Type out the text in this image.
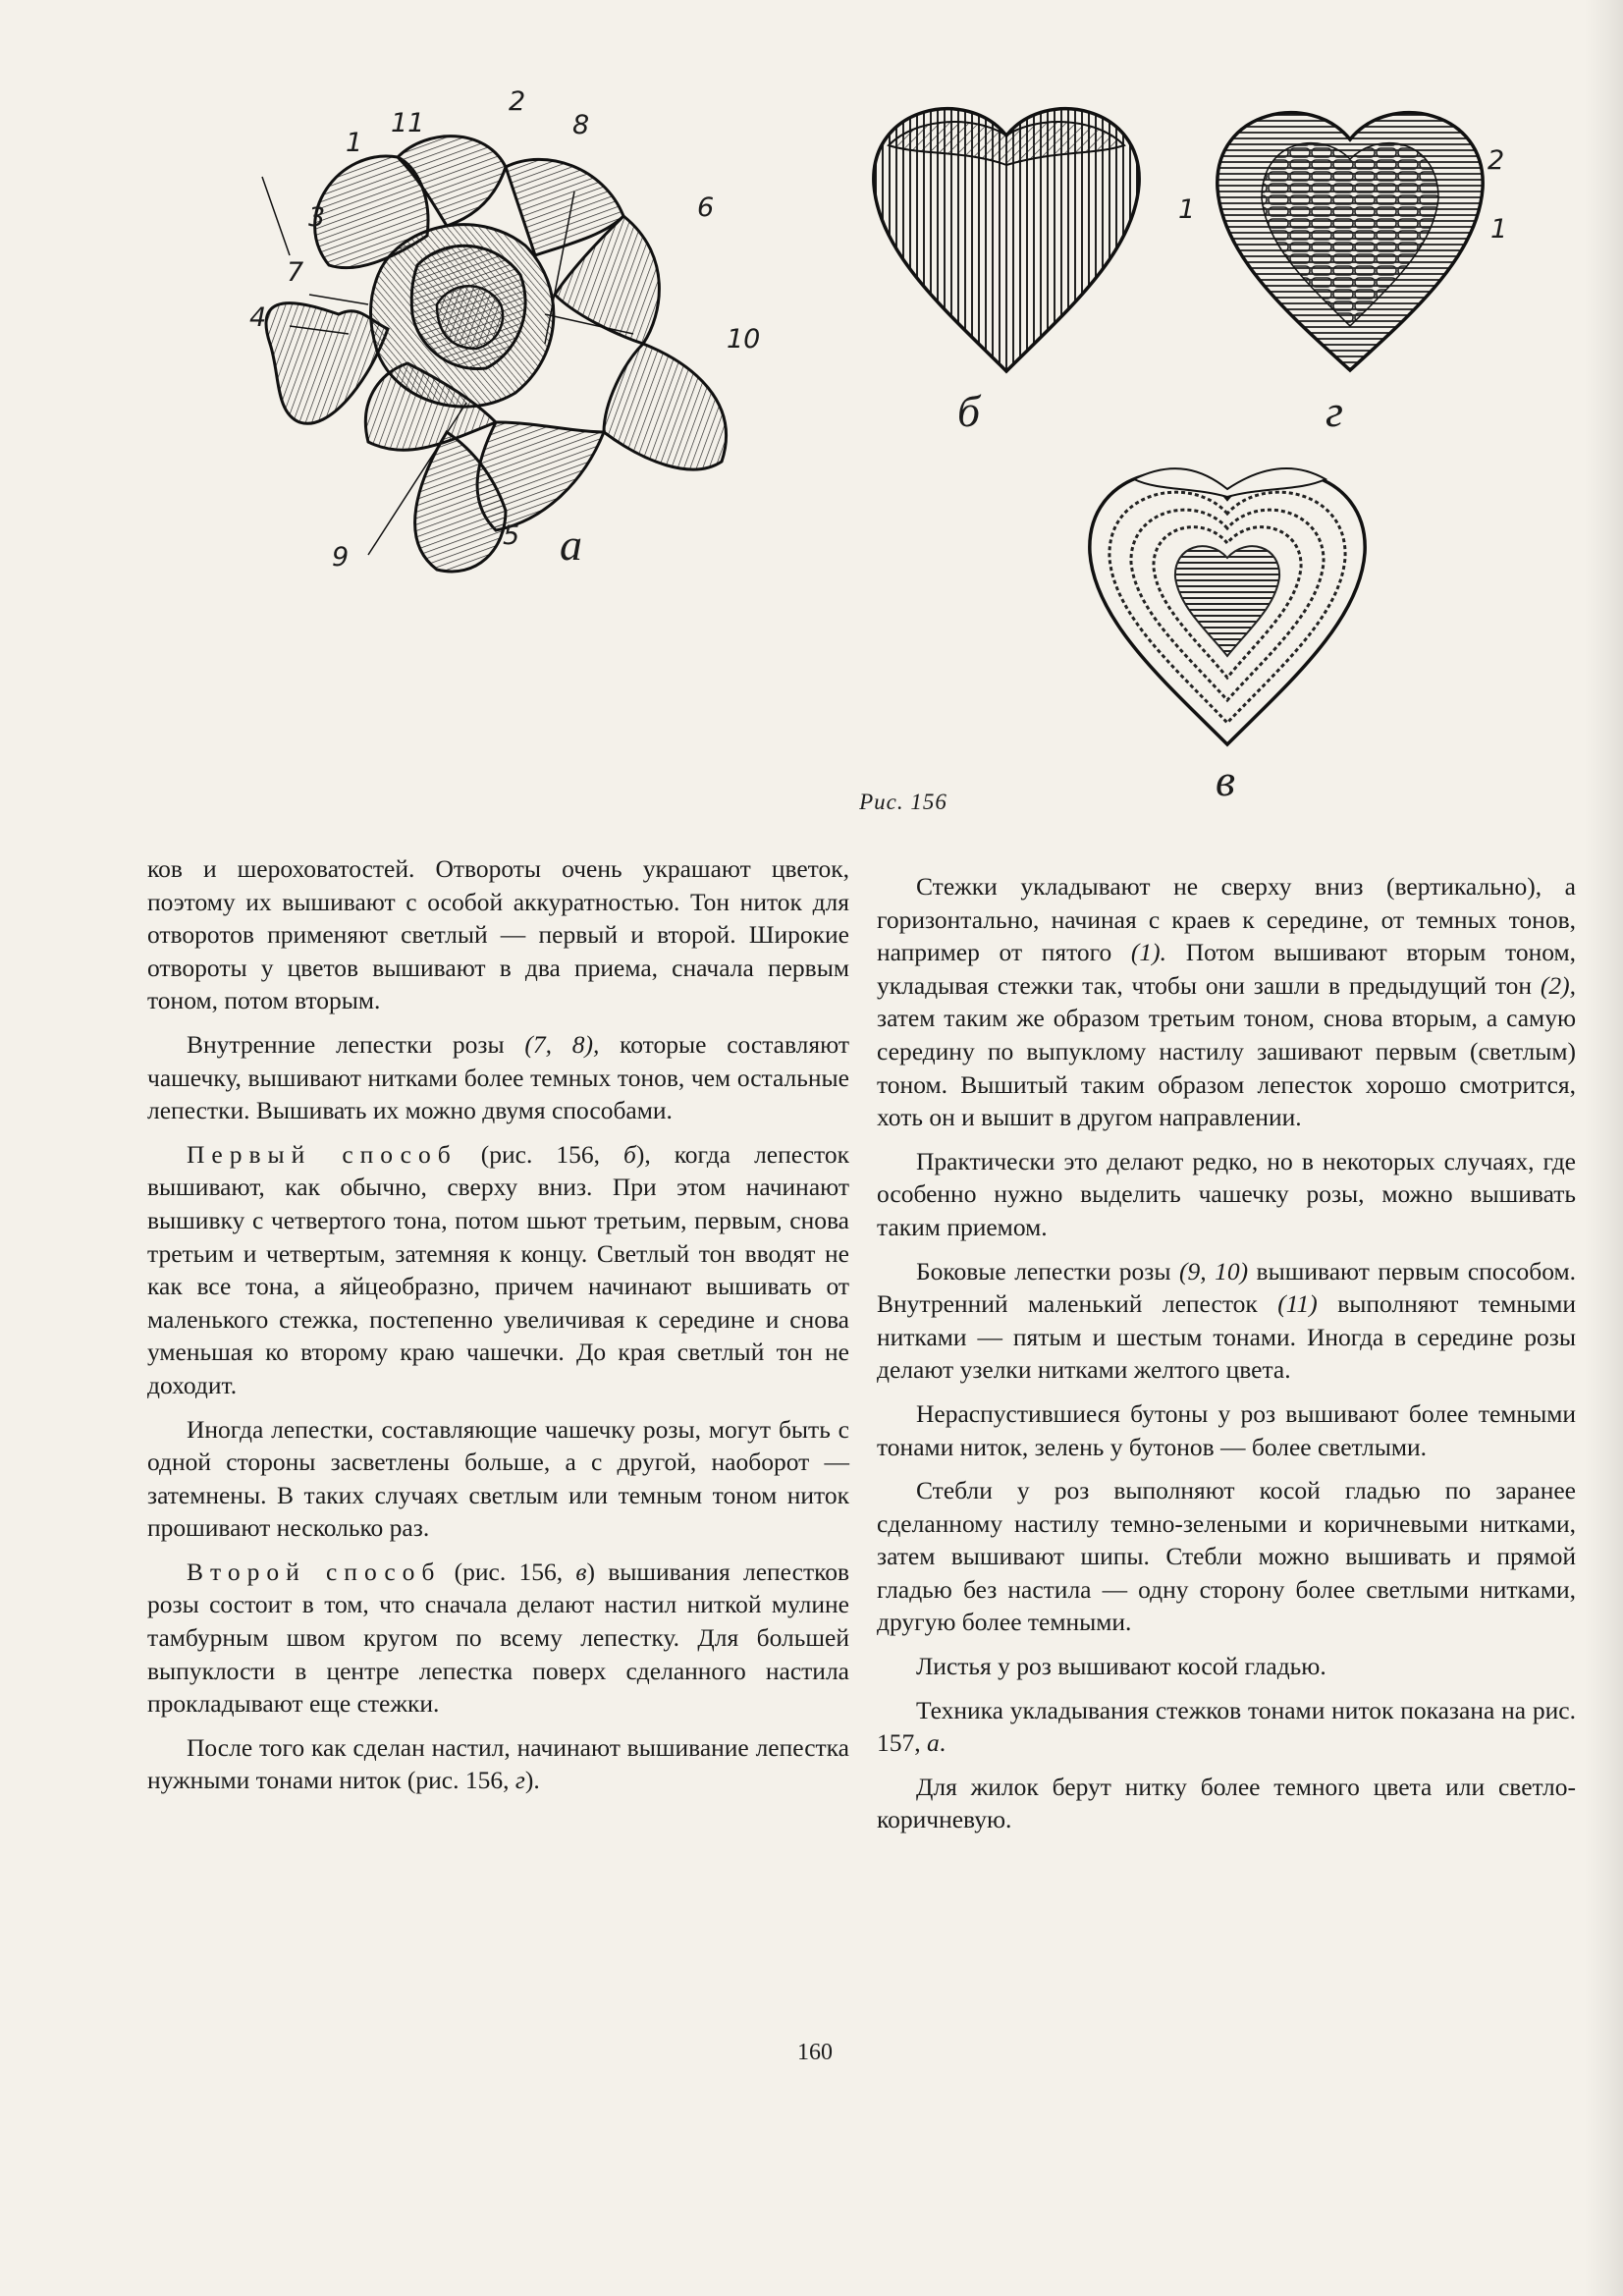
1
11
2
8
3	6
7
4
10
9
5 а
б
1
2
1
г
в
Рис. 156

ков и шероховатостей. Отвороты очень украшают цветок, поэтому их вышивают с особой аккуратностью. Тон ниток для отворотов применяют светлый — первый и второй. Широкие отвороты у цветов вышивают в два приема, сначала первым тоном, потом вторым.

Внутренние лепестки розы (7, 8), которые составляют чашечку, вышивают нитками более темных тонов, чем остальные лепестки. Вышивать их можно двумя способами.

Первый способ (рис. 156, б), когда лепесток вышивают, как обычно, сверху вниз. При этом начинают вышивку с четвертого тона, потом шьют третьим, первым, снова третьим и четвертым, затемняя к концу. Светлый тон вводят не как все тона, а яйцеобразно, причем начинают вышивать от маленького стежка, постепенно увеличивая к середине и снова уменьшая ко второму краю чашечки. До края светлый тон не доходит.

Иногда лепестки, составляющие чашечку розы, могут быть с одной стороны засветлены больше, а с другой, наоборот — затемнены. В таких случаях светлым или темным тоном ниток прошивают несколько раз.

Второй способ (рис. 156, в) вышивания лепестков розы состоит в том, что сначала делают настил ниткой мулине тамбурным швом кругом по всему лепестку. Для большей выпуклости в центре лепестка поверх сделанного настила прокладывают еще стежки.

После того как сделан настил, начинают вышивание лепестка нужными тонами ниток (рис. 156, г).

Стежки укладывают не сверху вниз (вертикально), а горизонтально, начиная с краев к середине, от темных тонов, например от пятого (1). Потом вышивают вторым тоном, укладывая стежки так, чтобы они зашли в предыдущий тон (2), затем таким же образом третьим тоном, снова вторым, а самую середину по выпуклому настилу зашивают первым (светлым) тоном. Вышитый таким образом лепесток хорошо смотрится, хоть он и вышит в другом направлении.

Практически это делают редко, но в некоторых случаях, где особенно нужно выделить чашечку розы, можно вышивать таким приемом.

Боковые лепестки розы (9, 10) вышивают первым способом. Внутренний маленький лепесток (11) выполняют темными нитками — пятым и шестым тонами. Иногда в середине розы делают узелки нитками желтого цвета.

Нераспустившиеся бутоны у роз вышивают более темными тонами ниток, зелень у бутонов — более светлыми.

Стебли у роз выполняют косой гладью по заранее сделанному настилу темно-зелеными и коричневыми нитками, затем вышивают шипы. Стебли можно вышивать и прямой гладью без настила — одну сторону более светлыми нитками, другую более темными.

Листья у роз вышивают косой гладью.

Техника укладывания стежков тонами ниток показана на рис. 157, а.

Для жилок берут нитку более темного цвета или светло-коричневую.

160
